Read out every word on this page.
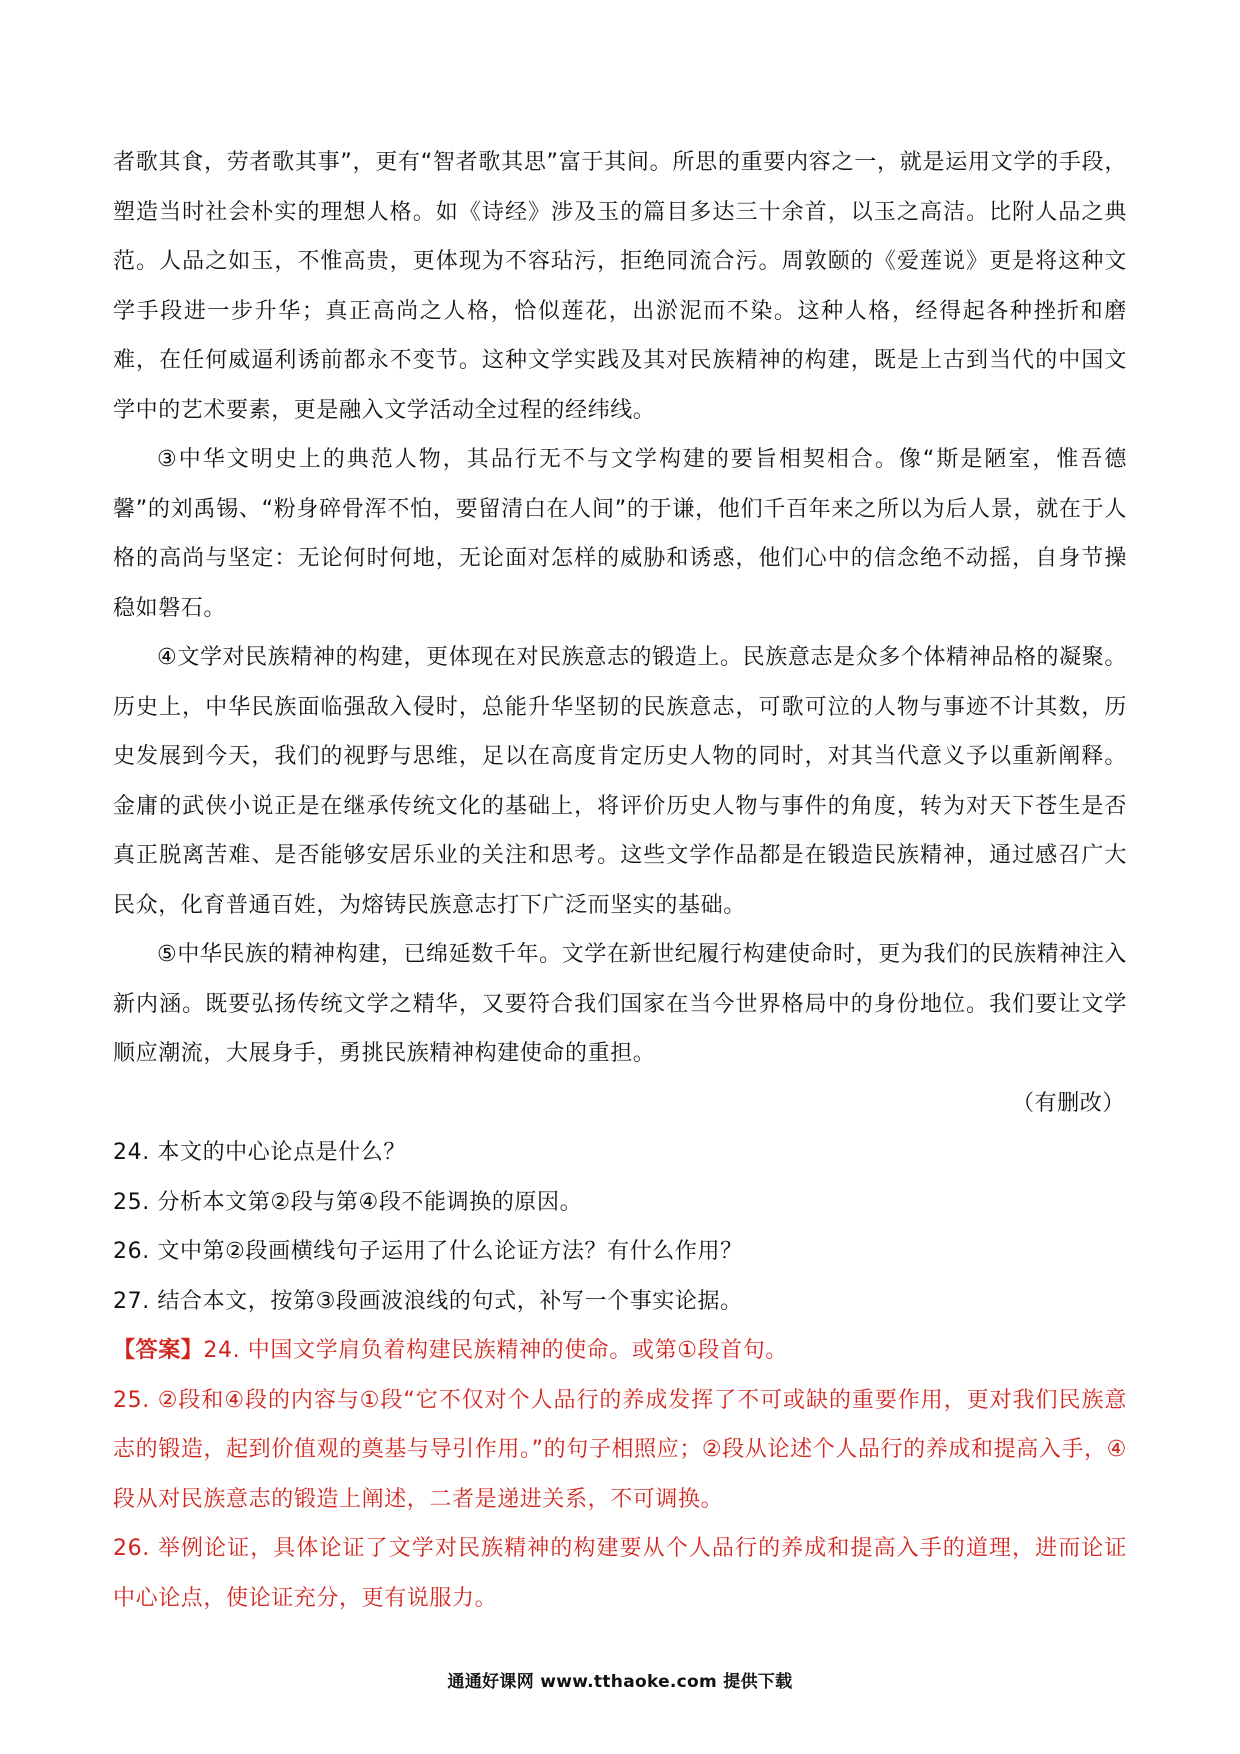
者歌其食，劳者歌其事”，更有“智者歌其思”富于其间。所思的重要内容之一，就是运用文学的手段，塑造当时社会朴实的理想人格。如《诗经》涉及玉的篇目多达三十余首，以玉之高洁。比附人品之典范。人品之如玉，不惟高贵，更体现为不容玷污，拒绝同流合污。周敦颐的《爱莲说》更是将这种文学手段进一步升华；真正高尚之人格，恰似莲花，出淤泥而不染。这种人格，经得起各种挫折和磨难，在任何威逼利诱前都永不变节。这种文学实践及其对民族精神的构建，既是上古到当代的中国文学中的艺术要素，更是融入文学活动全过程的经纬线。

③中华文明史上的典范人物，其品行无不与文学构建的要旨相契相合。像“斯是陋室，惟吾德馨”的刘禹锡、“粉身碎骨浑不怕，要留清白在人间”的于谦，他们千百年来之所以为后人景，就在于人格的高尚与坚定：无论何时何地，无论面对怎样的威胁和诱惑，他们心中的信念绝不动摇，自身节操稳如磐石。

④文学对民族精神的构建，更体现在对民族意志的锻造上。民族意志是众多个体精神品格的凝聚。历史上，中华民族面临强敌入侵时，总能升华坚韧的民族意志，可歌可泣的人物与事迹不计其数，历史发展到今天，我们的视野与思维，足以在高度肯定历史人物的同时，对其当代意义予以重新阐释。金庸的武侠小说正是在继承传统文化的基础上，将评价历史人物与事件的角度，转为对天下苍生是否真正脱离苦难、是否能够安居乐业的关注和思考。这些文学作品都是在锻造民族精神，通过感召广大民众，化育普通百姓，为熔铸民族意志打下广泛而坚实的基础。

⑤中华民族的精神构建，已绵延数千年。文学在新世纪履行构建使命时，更为我们的民族精神注入新内涵。既要弘扬传统文学之精华，又要符合我们国家在当今世界格局中的身份地位。我们要让文学顺应潮流，大展身手，勇挑民族精神构建使命的重担。

（有删改）

24. 本文的中心论点是什么？

25. 分析本文第②段与第④段不能调换的原因。

26. 文中第②段画横线句子运用了什么论证方法？有什么作用？

27. 结合本文，按第③段画波浪线的句式，补写一个事实论据。

【答案】24. 中国文学肩负着构建民族精神的使命。或第①段首句。

25. ②段和④段的内容与①段“它不仅对个人品行的养成发挥了不可或缺的重要作用，更对我们民族意志的锻造，起到价值观的奠基与导引作用。”的句子相照应；②段从论述个人品行的养成和提高入手，④段从对民族意志的锻造上阐述，二者是递进关系，不可调换。

26. 举例论证，具体论证了文学对民族精神的构建要从个人品行的养成和提高入手的道理，进而论证中心论点，使论证充分，更有说服力。

通通好课网 www.tthaoke.com 提供下载
